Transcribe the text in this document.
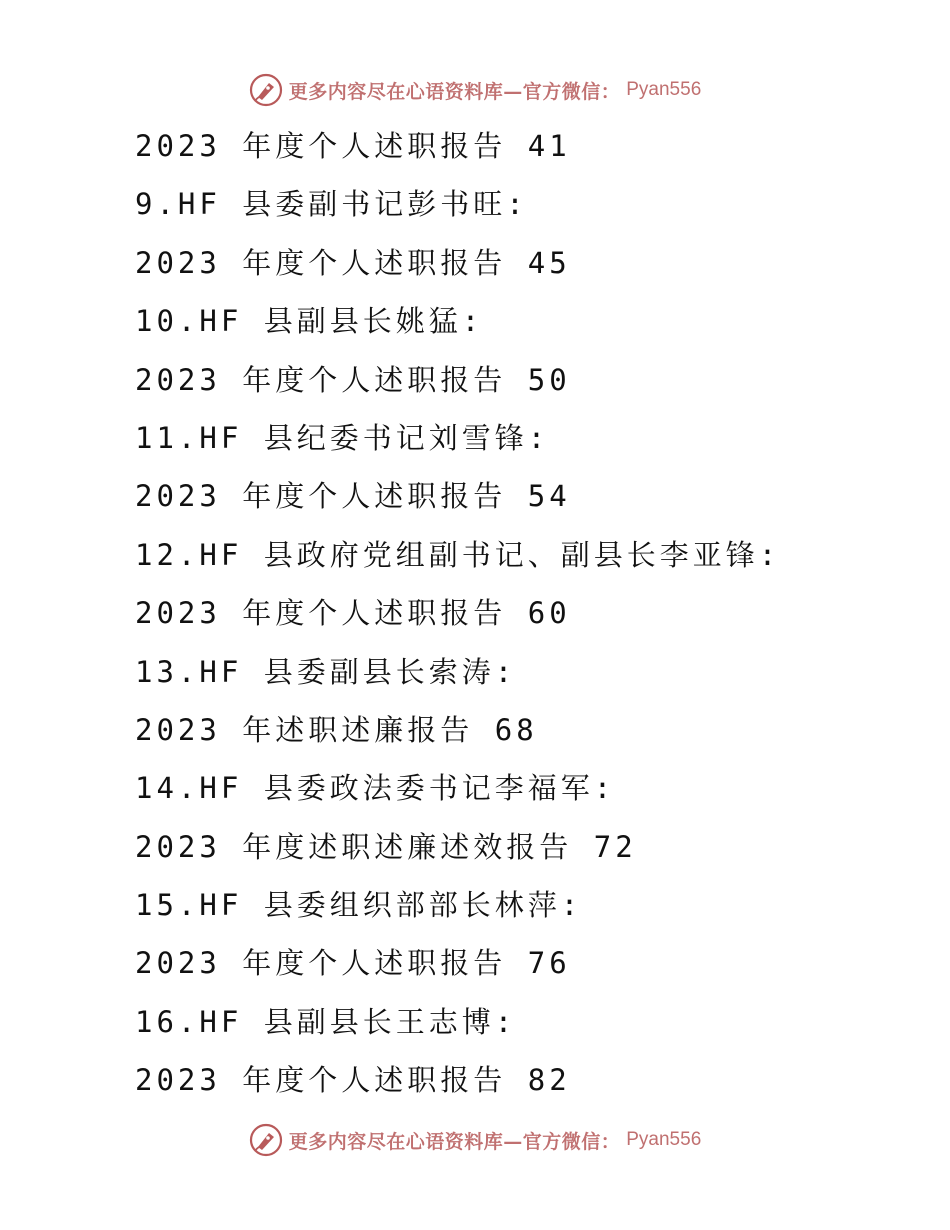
更多内容尽在心语资料库—官方微信： Pyan556
2023 年度个人述职报告 41
9.HF 县委副书记彭书旺:
2023 年度个人述职报告 45
10.HF 县副县长姚猛:
2023 年度个人述职报告 50
11.HF 县纪委书记刘雪锋:
2023 年度个人述职报告 54
12.HF 县政府党组副书记、副县长李亚锋:
2023 年度个人述职报告 60
13.HF 县委副县长索涛:
2023 年述职述廉报告 68
14.HF 县委政法委书记李福军:
2023 年度述职述廉述效报告 72
15.HF 县委组织部部长林萍:
2023 年度个人述职报告 76
16.HF 县副县长王志博:
2023 年度个人述职报告 82
更多内容尽在心语资料库—官方微信： Pyan556
